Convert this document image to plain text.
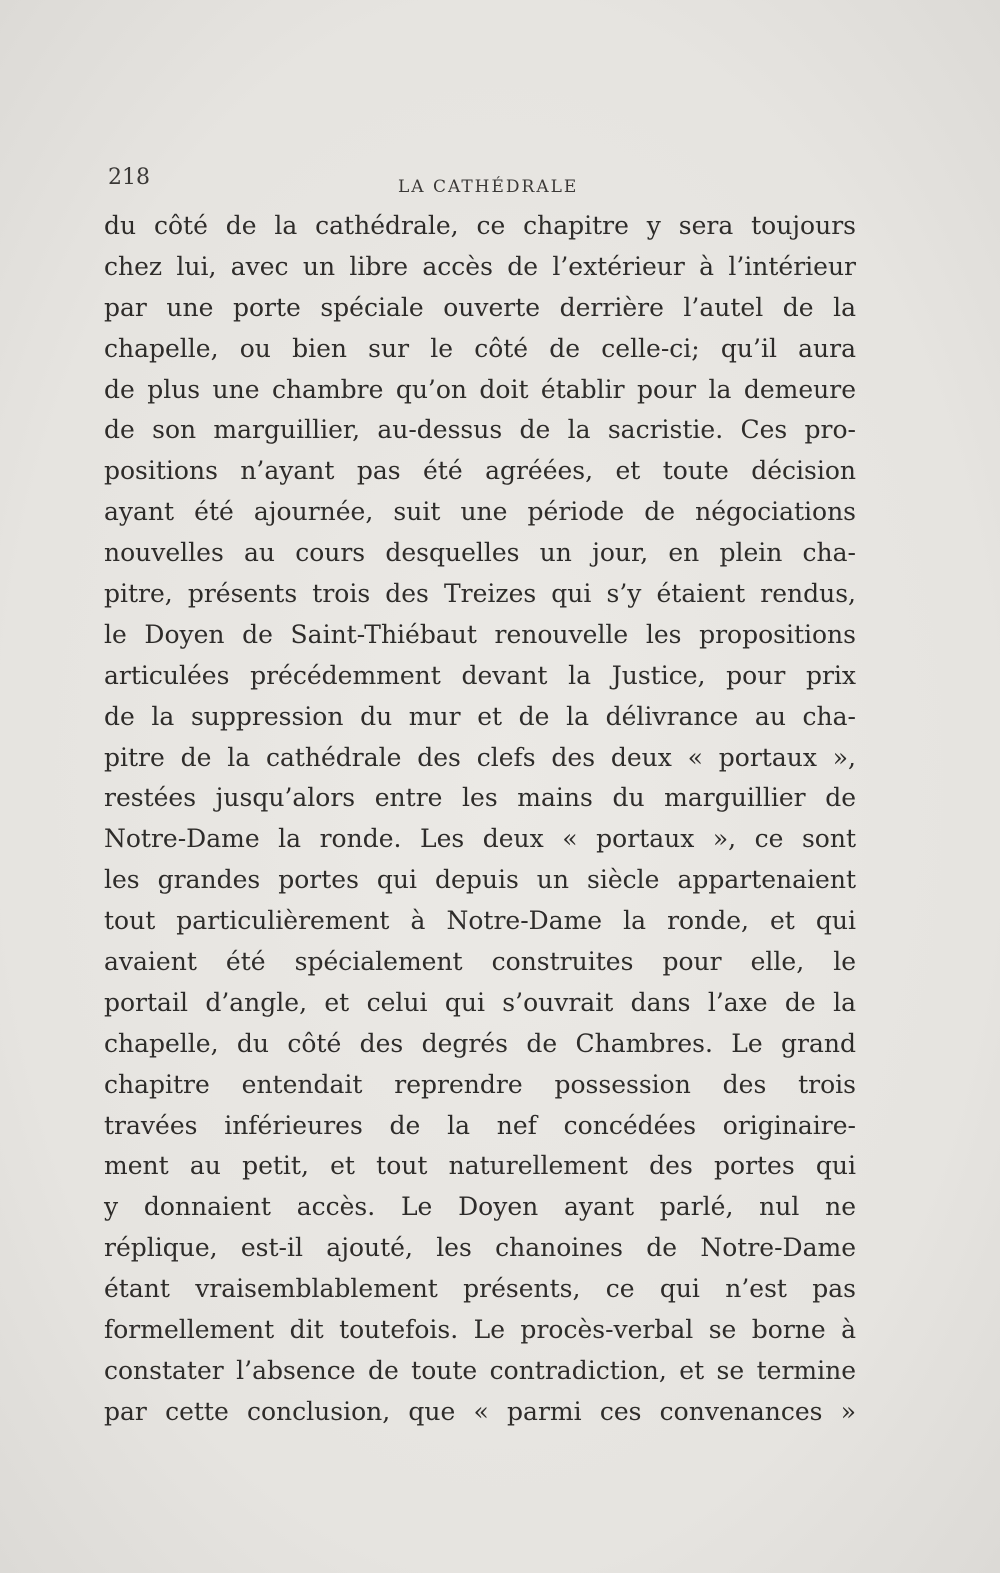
218	LA CATHÉDRALE
du côté de la cathédrale, ce chapitre y sera toujours
chez lui, avec un libre accès de l’extérieur à l’intérieur
par une porte spéciale ouverte derrière l’autel de la
chapelle, ou bien sur le côté de celle-ci; qu’il aura
de plus une chambre qu’on doit établir pour la demeure
de son marguillier, au-dessus de la sacristie. Ces pro-
positions n’ayant pas été agréées, et toute décision
ayant été ajournée, suit une période de négociations
nouvelles au cours desquelles un jour, en plein cha-
pitre, présents trois des Treizes qui s’y étaient rendus,
le Doyen de Saint-Thiébaut renouvelle les propositions
articulées précédemment devant la Justice, pour prix
de la suppression du mur et de la délivrance au cha-
pitre de la cathédrale des clefs des deux « portaux »,
restées jusqu’alors entre les mains du marguillier de
Notre-Dame la ronde. Les deux « portaux », ce sont
les grandes portes qui depuis un siècle appartenaient
tout particulièrement à Notre-Dame la ronde, et qui
avaient été spécialement construites pour elle, le
portail d’angle, et celui qui s’ouvrait dans l’axe de la
chapelle, du côté des degrés de Chambres. Le grand
chapitre entendait reprendre possession des trois
travées inférieures de la nef concédées originaire-
ment au petit, et tout naturellement des portes qui
y donnaient accès. Le Doyen ayant parlé, nul ne
réplique, est-il ajouté, les chanoines de Notre-Dame
étant vraisemblablement présents, ce qui n’est pas
formellement dit toutefois. Le procès-verbal se borne à
constater l’absence de toute contradiction, et se termine
par cette conclusion, que « parmi ces convenances »
